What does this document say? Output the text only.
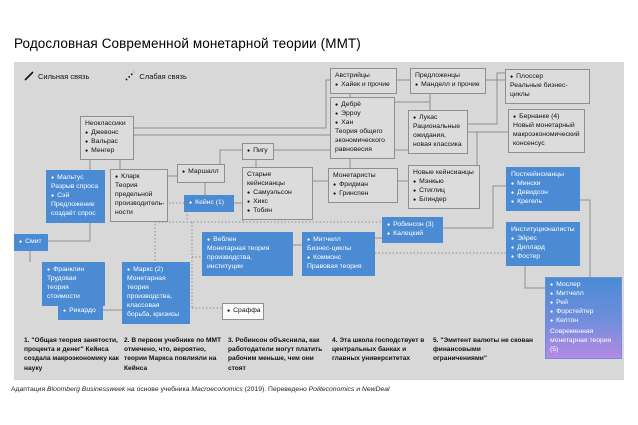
Родословная Современной монетарной теории (ММТ)
Сильная связь	Слабая связь
Неоклассики
● Джевонс
● Вальрас
● Менгер
● Мальтус
Разрыв спроса
● Сэй
Предложение создаёт спрос
● Кларк
Теория предельной производитель- ности
● Смит
● Франклин
Трудовая теория стоимости
● Рикардо
● Маркс (2)
Монетарная теория производства, классовая борьба, кризисы
● Маршалл
● Пигу
Старые кейнсианцы
● Самуэльсон
● Хикс
● Тобин
● Кейнс (1)
Австрийцы
● Хайек и прочие
Предложенцы
● Манделл и прочие
● Плоссер
Реальные бизнес-циклы
● Дебрё
● Эрроу
● Хан
Теория общего экономического равновесия
● Лукас
Рациональные ожидания, новая классика
● Бернанке (4)
Новый монетарный макроэкономический консенсус
Монетаристы
● Фридман
● Гринспен
Новые кейнсианцы
● Мэнкью
● Стиглиц
● Блиндер
Посткейнсианцы
● Мински
● Девидсон
● Крегель
● Робинсон (3)
● Калецкий
Институционалисты
● Эйрес
● Диллард
● Фостер
● Веблен
Монетарная теория производства, институции
● Митчелл
Бизнес-циклы
● Коммонс
Правовая теория
● Сраффа
● Мослер
● Митчелл
● Рей
● Форстейтер
● Келтон
Современная монетарная теория (5)
1. "Общая теория занятости, процента и денег" Кейнса создала макроэкономику как науку
2. В первом учебнике по ММТ отмечено, что, вероятно, теории Маркса повлияли на Кейнса
3. Робинсон объяснила, как работодатели могут платить рабочим меньше, чем они стоят
4. Эта школа господствует в центральных банках и главных университетах
5. "Эмитент валюты не скован финансовыми ограничениями"
Адаптация Bloomberg Businessweek на основе учебника Macroeconomics (2019). Переведено Politeconomics и NewDeal
